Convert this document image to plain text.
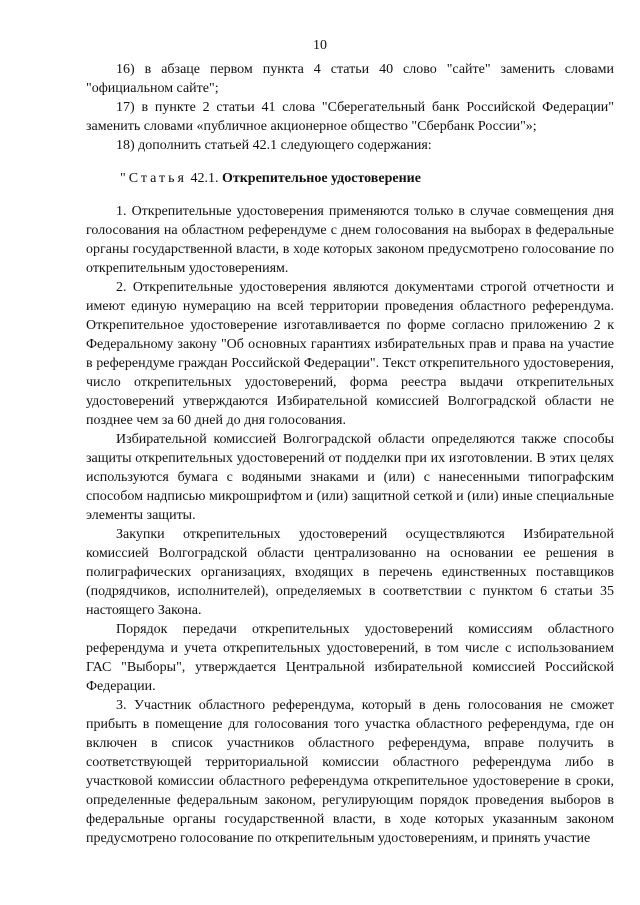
10

16) в абзаце первом пункта 4 статьи 40 слово "сайте" заменить словами "официальном сайте";

17) в пункте 2 статьи 41 слова "Сберегательный банк Российской Федерации" заменить словами «публичное акционерное общество "Сбербанк России"»;

18) дополнить статьей 42.1 следующего содержания:

"Статья 42.1. Открепительное удостоверение

1. Открепительные удостоверения применяются только в случае совмещения дня голосования на областном референдуме с днем голосования на выборах в федеральные органы государственной власти, в ходе которых законом предусмотрено голосование по открепительным удостоверениям.

2. Открепительные удостоверения являются документами строгой отчетности и имеют единую нумерацию на всей территории проведения областного референдума. Открепительное удостоверение изготавливается по форме согласно приложению 2 к Федеральному закону "Об основных гарантиях избирательных прав и права на участие в референдуме граждан Российской Федерации". Текст открепительного удостоверения, число открепительных удостоверений, форма реестра выдачи открепительных удостоверений утверждаются Избирательной комиссией Волгоградской области не позднее чем за 60 дней до дня голосования.

Избирательной комиссией Волгоградской области определяются также способы защиты открепительных удостоверений от подделки при их изготовлении. В этих целях используются бумага с водяными знаками и (или) с нанесенными типографским способом надписью микрошрифтом и (или) защитной сеткой и (или) иные специальные элементы защиты.

Закупки открепительных удостоверений осуществляются Избирательной комиссией Волгоградской области централизованно на основании ее решения в полиграфических организациях, входящих в перечень единственных поставщиков (подрядчиков, исполнителей), определяемых в соответствии с пунктом 6 статьи 35 настоящего Закона.

Порядок передачи открепительных удостоверений комиссиям областного референдума и учета открепительных удостоверений, в том числе с использованием ГАС "Выборы", утверждается Центральной избирательной комиссией Российской Федерации.

3. Участник областного референдума, который в день голосования не сможет прибыть в помещение для голосования того участка областного референдума, где он включен в список участников областного референдума, вправе получить в соответствующей территориальной комиссии областного референдума либо в участковой комиссии областного референдума открепительное удостоверение в сроки, определенные федеральным законом, регулирующим порядок проведения выборов в федеральные органы государственной власти, в ходе которых указанным законом предусмотрено голосование по открепительным удостоверениям, и принять участие
